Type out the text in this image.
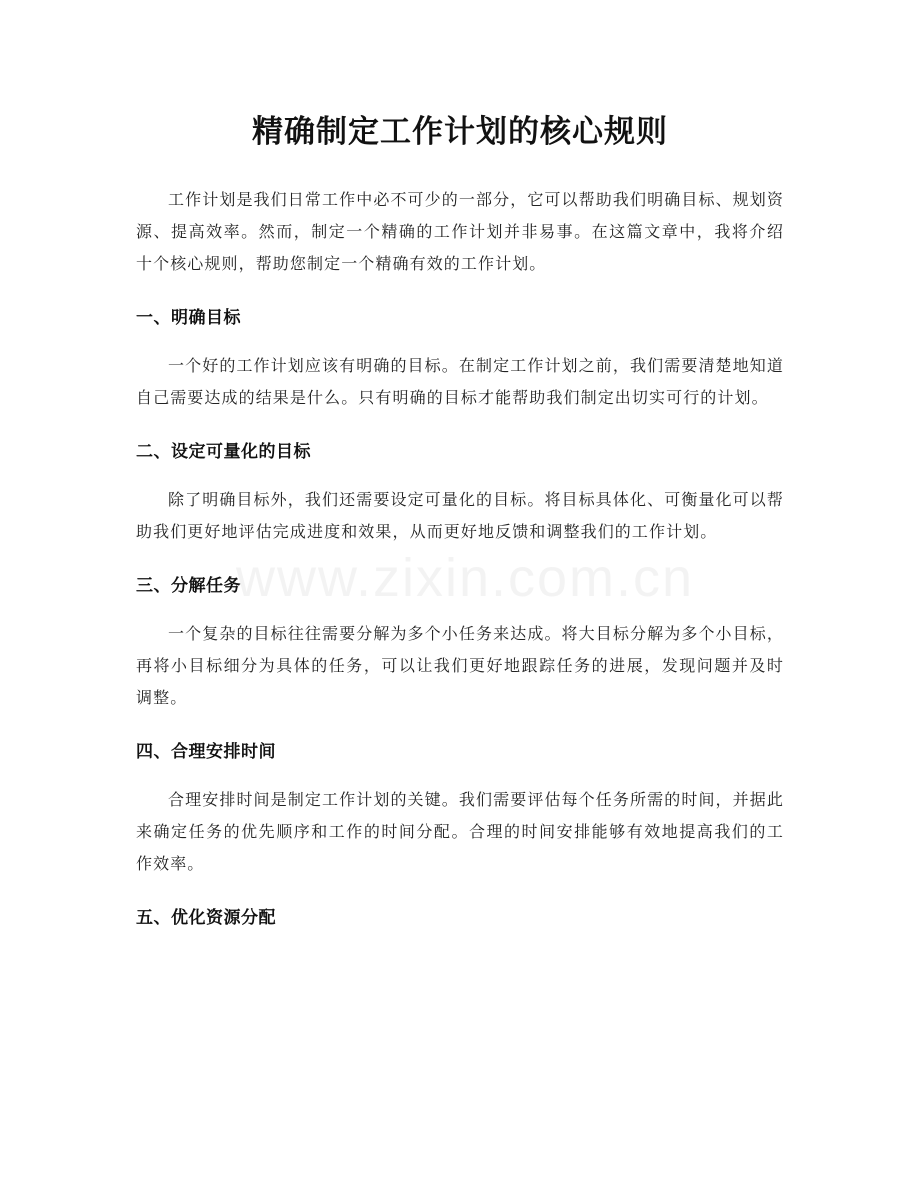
精确制定工作计划的核心规则

工作计划是我们日常工作中必不可少的一部分，它可以帮助我们明确目标、规划资源、提高效率。然而，制定一个精确的工作计划并非易事。在这篇文章中，我将介绍十个核心规则，帮助您制定一个精确有效的工作计划。

一、明确目标

一个好的工作计划应该有明确的目标。在制定工作计划之前，我们需要清楚地知道自己需要达成的结果是什么。只有明确的目标才能帮助我们制定出切实可行的计划。

二、设定可量化的目标

除了明确目标外，我们还需要设定可量化的目标。将目标具体化、可衡量化可以帮助我们更好地评估完成进度和效果，从而更好地反馈和调整我们的工作计划。

三、分解任务

一个复杂的目标往往需要分解为多个小任务来达成。将大目标分解为多个小目标，再将小目标细分为具体的任务，可以让我们更好地跟踪任务的进展，发现问题并及时调整。

四、合理安排时间

合理安排时间是制定工作计划的关键。我们需要评估每个任务所需的时间，并据此来确定任务的优先顺序和工作的时间分配。合理的时间安排能够有效地提高我们的工作效率。

五、优化资源分配
www.zixin.com.cn
